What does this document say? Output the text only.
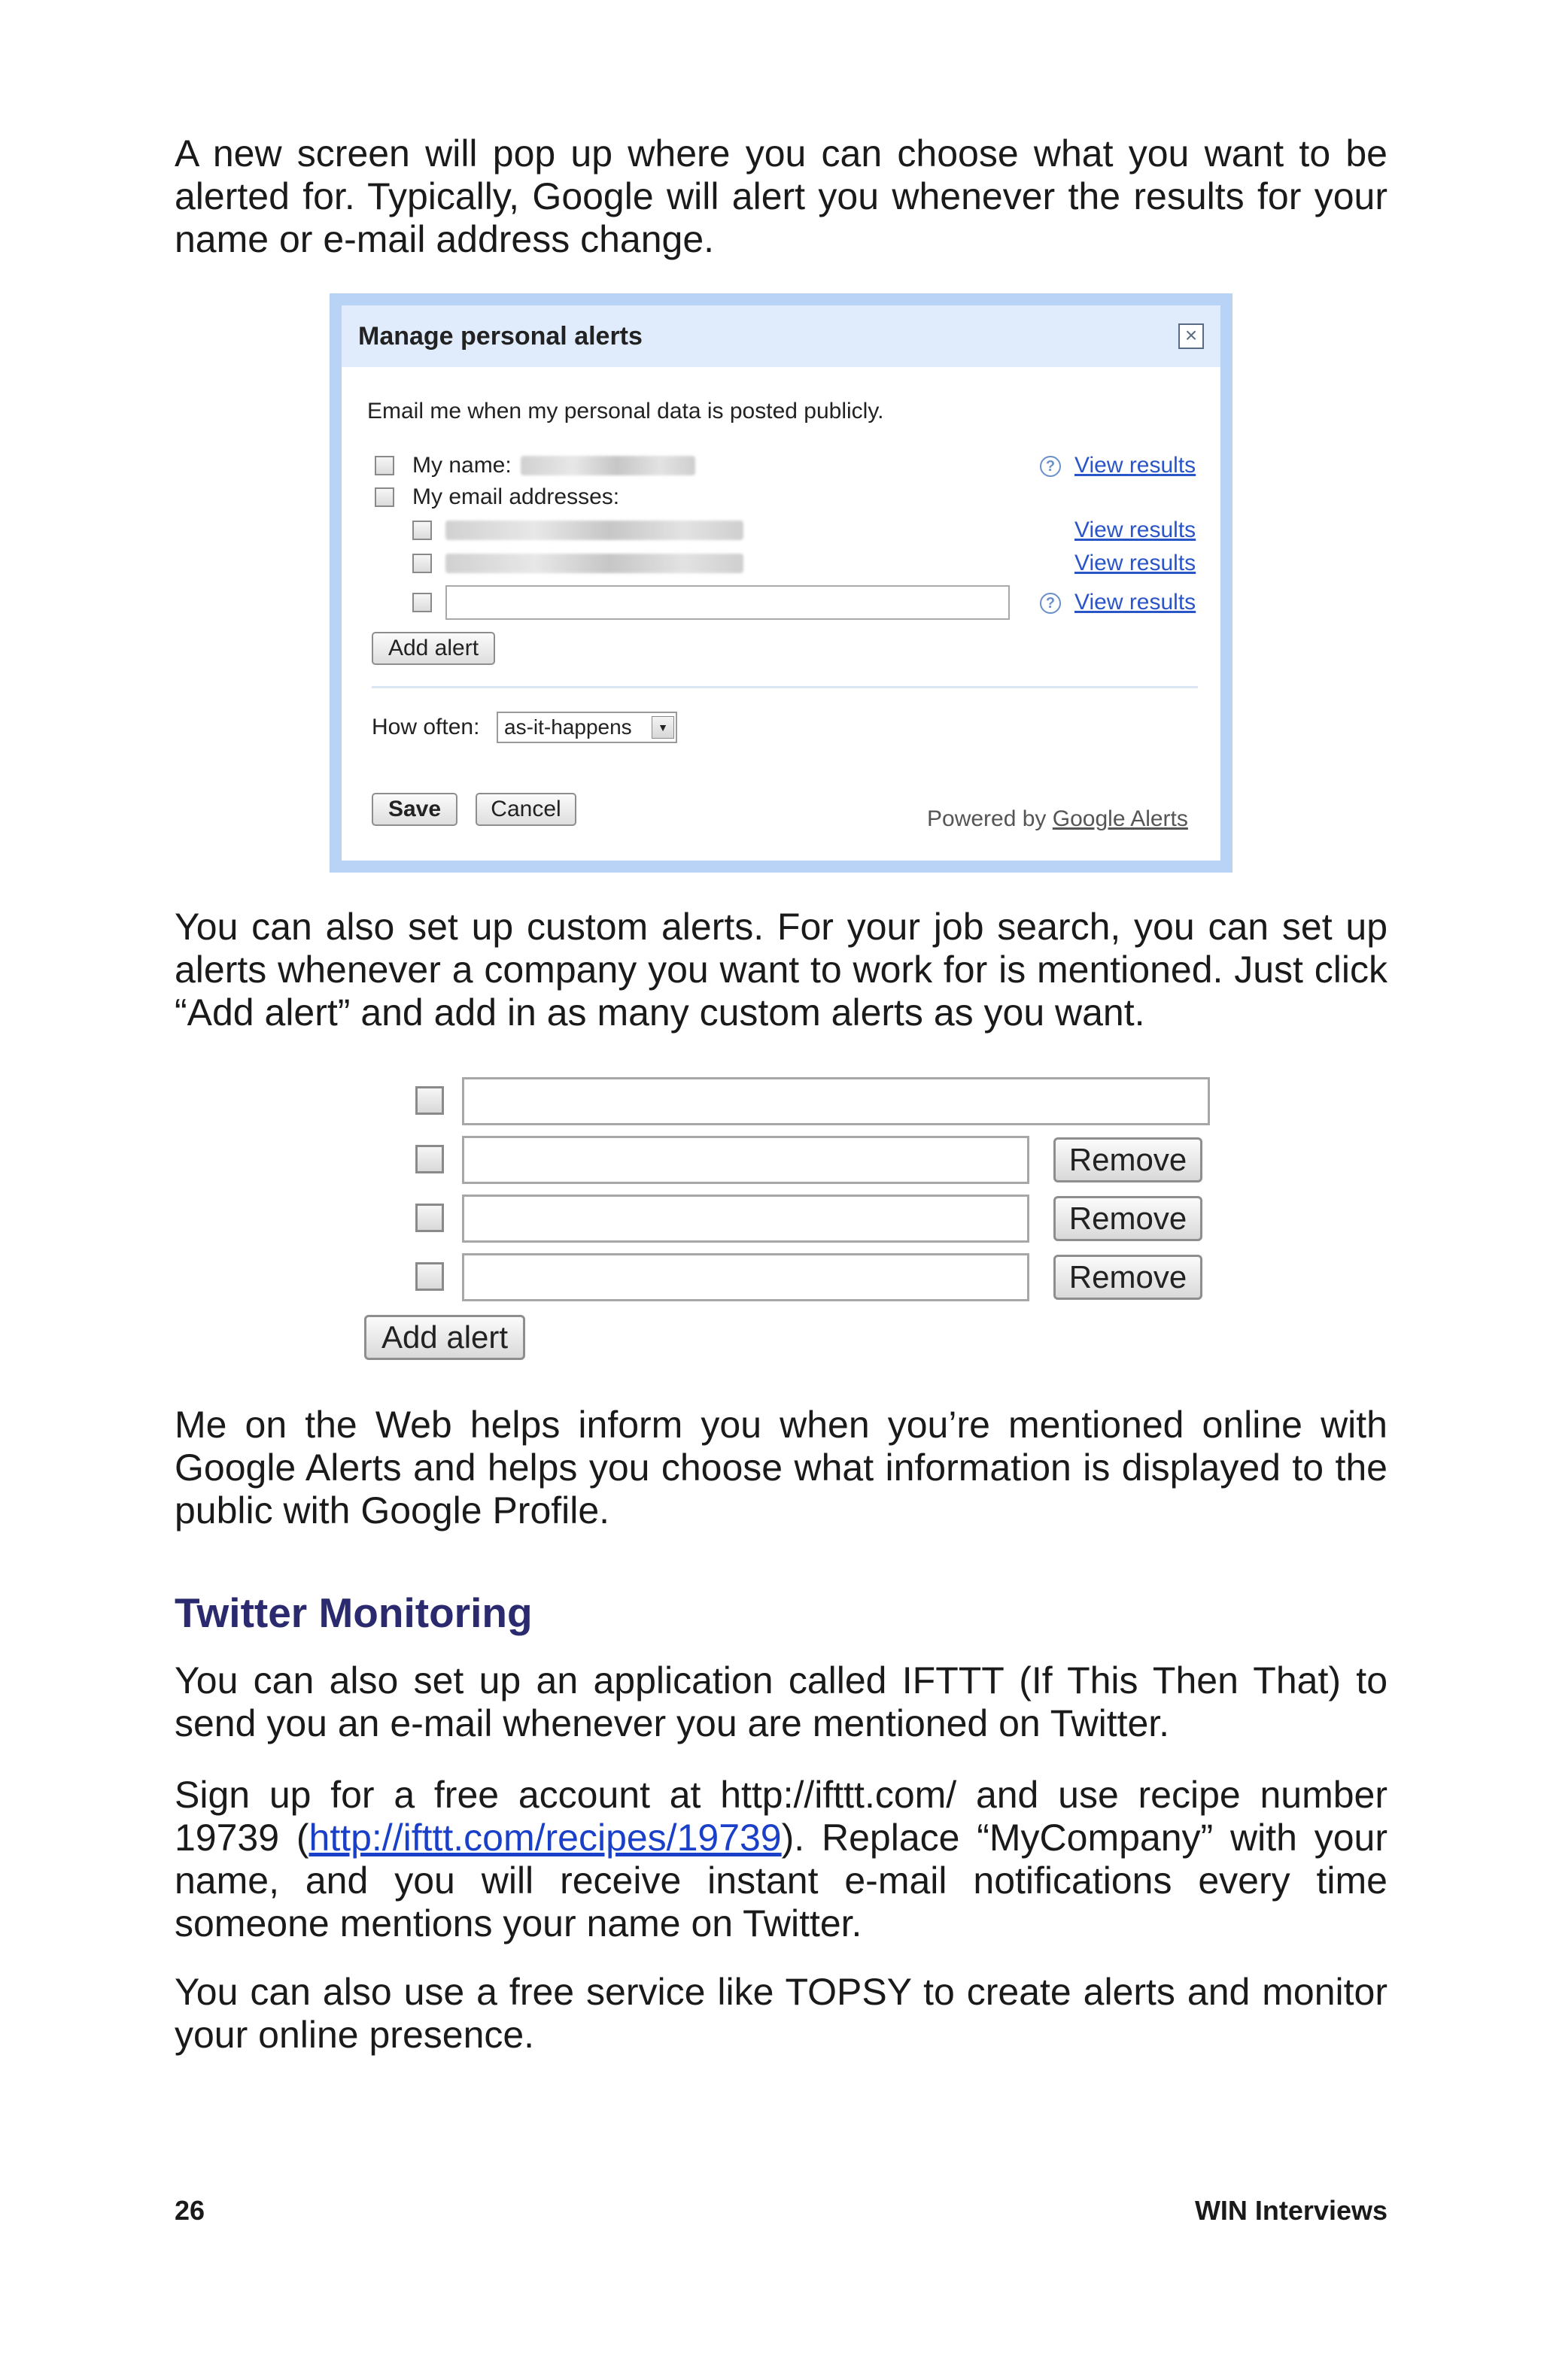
A new screen will pop up where you can choose what you want to be alerted for. Typically, Google will alert you whenever the results for your name or e-mail address change.

Manage personal alerts	×
Email me when my personal data is posted publicly.
My name:	? View results
My email addresses:
View results
View results
? View results
Add alert
How often:	as-it-happens	▼
Save	Cancel	Powered by Google Alerts

You can also set up custom alerts. For your job search, you can set up alerts whenever a company you want to work for is mentioned. Just click “Add alert” and add in as many custom alerts as you want.

Remove
Remove
Remove
Add alert

Me on the Web helps inform you when you’re mentioned online with Google Alerts and helps you choose what information is displayed to the public with Google Profile.

Twitter Monitoring

You can also set up an application called IFTTT (If This Then That) to send you an e-mail whenever you are mentioned on Twitter.

Sign up for a free account at http://ifttt.com/ and use recipe number 19739 (http://ifttt.com/recipes/19739). Replace “MyCompany” with your name, and you will receive instant e-mail notifications every time someone mentions your name on Twitter.

You can also use a free service like TOPSY to create alerts and monitor your online presence.

26	WIN Interviews
